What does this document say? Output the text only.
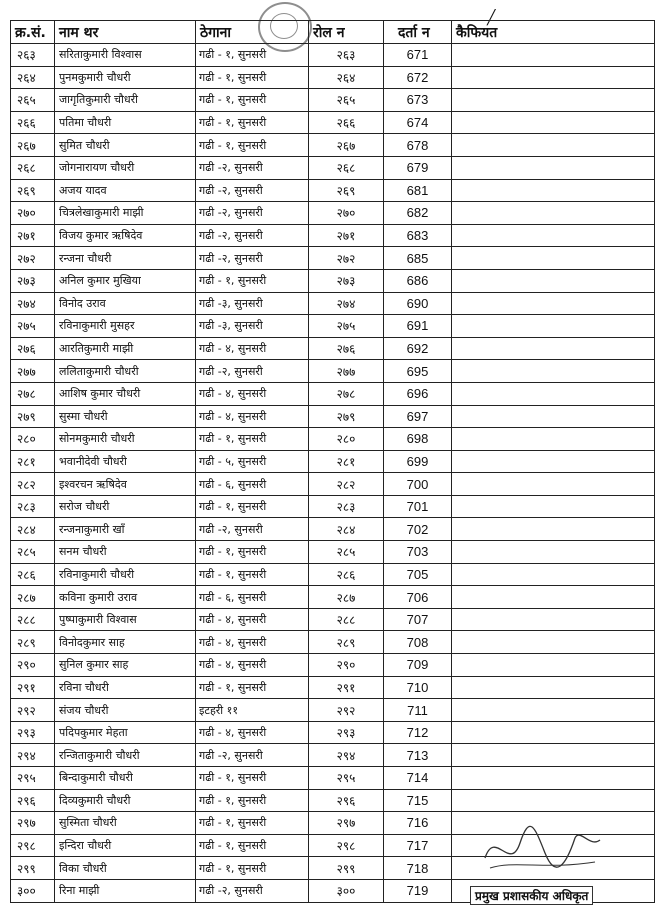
╱
क्र.सं.	नाम थर	ठेगाना	रोल न	दर्ता न	कैफियत
२६३	सरिताकुमारी विश्वास	गढी - १, सुनसरी	२६३	671	
२६४	पुनमकुमारी चौधरी	गढी - १, सुनसरी	२६४	672	
२६५	जागृतिकुमारी चौधरी	गढी - १, सुनसरी	२६५	673	
२६६	पतिमा चौधरी	गढी - १, सुनसरी	२६६	674	
२६७	सुमित चौधरी	गढी - १, सुनसरी	२६७	678	
२६८	जोगनारायण चौधरी	गढी -२, सुनसरी	२६८	679	
२६९	अजय यादव	गढी -२, सुनसरी	२६९	681	
२७०	चित्रलेखाकुमारी माझी	गढी -२, सुनसरी	२७०	682	
२७१	विजय कुमार ऋषिदेव	गढी -२, सुनसरी	२७१	683	
२७२	रन्जना चौधरी	गढी -२, सुनसरी	२७२	685	
२७३	अनिल कुमार मुखिया	गढी - १, सुनसरी	२७३	686	
२७४	विनोद उराव	गढी -३, सुनसरी	२७४	690	
२७५	रविनाकुमारी मुसहर	गढी -३, सुनसरी	२७५	691	
२७६	आरतिकुमारी माझी	गढी - ४, सुनसरी	२७६	692	
२७७	ललिताकुमारी चौधरी	गढी -२, सुनसरी	२७७	695	
२७८	आशिष कुमार चौधरी	गढी - ४, सुनसरी	२७८	696	
२७९	सुस्मा चौधरी	गढी - ४, सुनसरी	२७९	697	
२८०	सोनमकुमारी चौधरी	गढी - १, सुनसरी	२८०	698	
२८१	भवानीदेवी चौधरी	गढी - ५, सुनसरी	२८१	699	
२८२	इश्वरचन ऋषिदेव	गढी - ६, सुनसरी	२८२	700	
२८३	सरोज चौधरी	गढी - १, सुनसरी	२८३	701	
२८४	रन्जनाकुमारी खाँ	गढी -२, सुनसरी	२८४	702	
२८५	सनम चौधरी	गढी - १, सुनसरी	२८५	703	
२८६	रविनाकुमारी चौधरी	गढी - १, सुनसरी	२८६	705	
२८७	कविना कुमारी उराव	गढी - ६, सुनसरी	२८७	706	
२८८	पुष्पाकुमारी विश्वास	गढी - ४, सुनसरी	२८८	707	
२८९	विनोदकुमार साह	गढी - ४, सुनसरी	२८९	708	
२९०	सुनिल कुमार साह	गढी - ४, सुनसरी	२९०	709	
२९१	रविना चौधरी	गढी - १, सुनसरी	२९१	710	
२९२	संजय चौधरी	इटहरी ११	२९२	711	
२९३	पदिपकुमार मेहता	गढी - ४, सुनसरी	२९३	712	
२९४	रन्जिताकुमारी चौधरी	गढी -२, सुनसरी	२९४	713	
२९५	बिन्दाकुमारी चौधरी	गढी - १, सुनसरी	२९५	714	
२९६	दिव्यकुमारी चौधरी	गढी - १, सुनसरी	२९६	715	
२९७	सुस्मिता चौधरी	गढी - १, सुनसरी	२९७	716	
२९८	इन्दिरा चौधरी	गढी - १, सुनसरी	२९८	717	
२९९	विका चौधरी	गढी - १, सुनसरी	२९९	718	
३००	रिना माझी	गढी -२, सुनसरी	३००	719		प्रमुख प्रशासकीय अधिकृत
